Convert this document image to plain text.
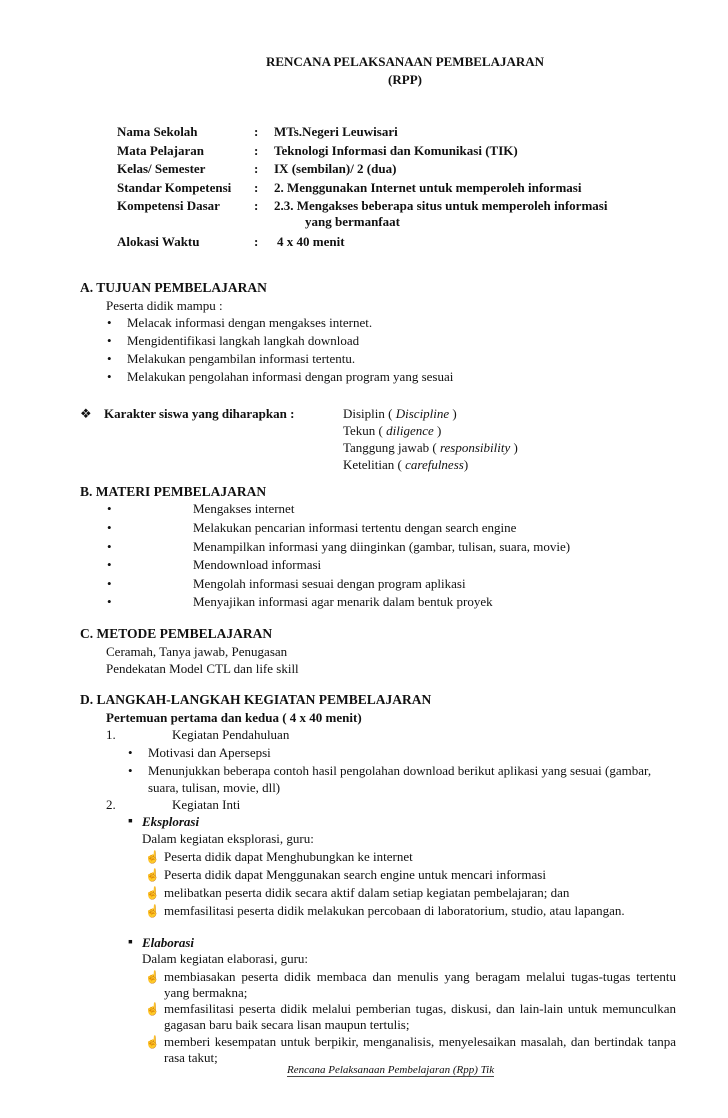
RENCANA PELAKSANAAN PEMBELAJARAN
(RPP)
Nama Sekolah	: MTs.Negeri Leuwisari
Mata Pelajaran	: Teknologi Informasi dan Komunikasi (TIK)
Kelas/ Semester	: IX (sembilan)/ 2 (dua)
Standar Kompetensi : 2. Menggunakan Internet untuk memperoleh informasi
Kompetensi Dasar	: 2.3. Mengakses beberapa situs untuk memperoleh informasi
yang bermanfaat
Alokasi Waktu	: 4 x 40 menit
A. TUJUAN PEMBELAJARAN
Peserta didik mampu :
•
Melacak informasi dengan mengakses internet.
•
Mengidentifikasi langkah langkah download
•
Melakukan pengambilan informasi tertentu.
•
Melakukan pengolahan informasi dengan program yang sesuai
❖
Karakter siswa yang diharapkan :	Disiplin ( Discipline )
Tekun ( diligence )
Tanggung jawab ( responsibility )
Ketelitian ( carefulness)
B. MATERI PEMBELAJARAN
•
Mengakses internet
•
Melakukan pencarian informasi tertentu dengan search engine
•
Menampilkan informasi yang diinginkan (gambar, tulisan, suara, movie)
•
Mendownload informasi
•
Mengolah informasi sesuai dengan program aplikasi
•
Menyajikan informasi agar menarik dalam bentuk proyek
C. METODE PEMBELAJARAN
Ceramah, Tanya jawab, Penugasan
Pendekatan Model CTL dan life skill
D. LANGKAH-LANGKAH KEGIATAN PEMBELAJARAN
Pertemuan pertama dan kedua ( 4 x 40 menit)
1.	Kegiatan Pendahuluan
•
Motivasi dan Apersepsi
•
Menunjukkan beberapa contoh hasil pengolahan download berikut aplikasi yang sesuai (gambar,
suara, tulisan, movie, dll)
2.	Kegiatan Inti
▪
Eksplorasi
Dalam kegiatan eksplorasi, guru:
☝
Peserta didik dapat Menghubungkan ke internet
☝
Peserta didik dapat Menggunakan search engine untuk mencari informasi
☝
melibatkan peserta didik secara aktif dalam setiap kegiatan pembelajaran; dan
☝
memfasilitasi peserta didik melakukan percobaan di laboratorium, studio, atau lapangan.
▪
Elaborasi
Dalam kegiatan elaborasi, guru:
☝
membiasakan peserta didik membaca dan menulis yang beragam melalui tugas-tugas tertentu
yang bermakna;
☝
memfasilitasi peserta didik melalui pemberian tugas, diskusi, dan lain-lain untuk memunculkan
gagasan baru baik secara lisan maupun tertulis;
☝
memberi kesempatan untuk berpikir, menganalisis, menyelesaikan masalah, dan bertindak tanpa
rasa takut;
Rencana Pelaksanaan Pembelajaran (Rpp) Tik
